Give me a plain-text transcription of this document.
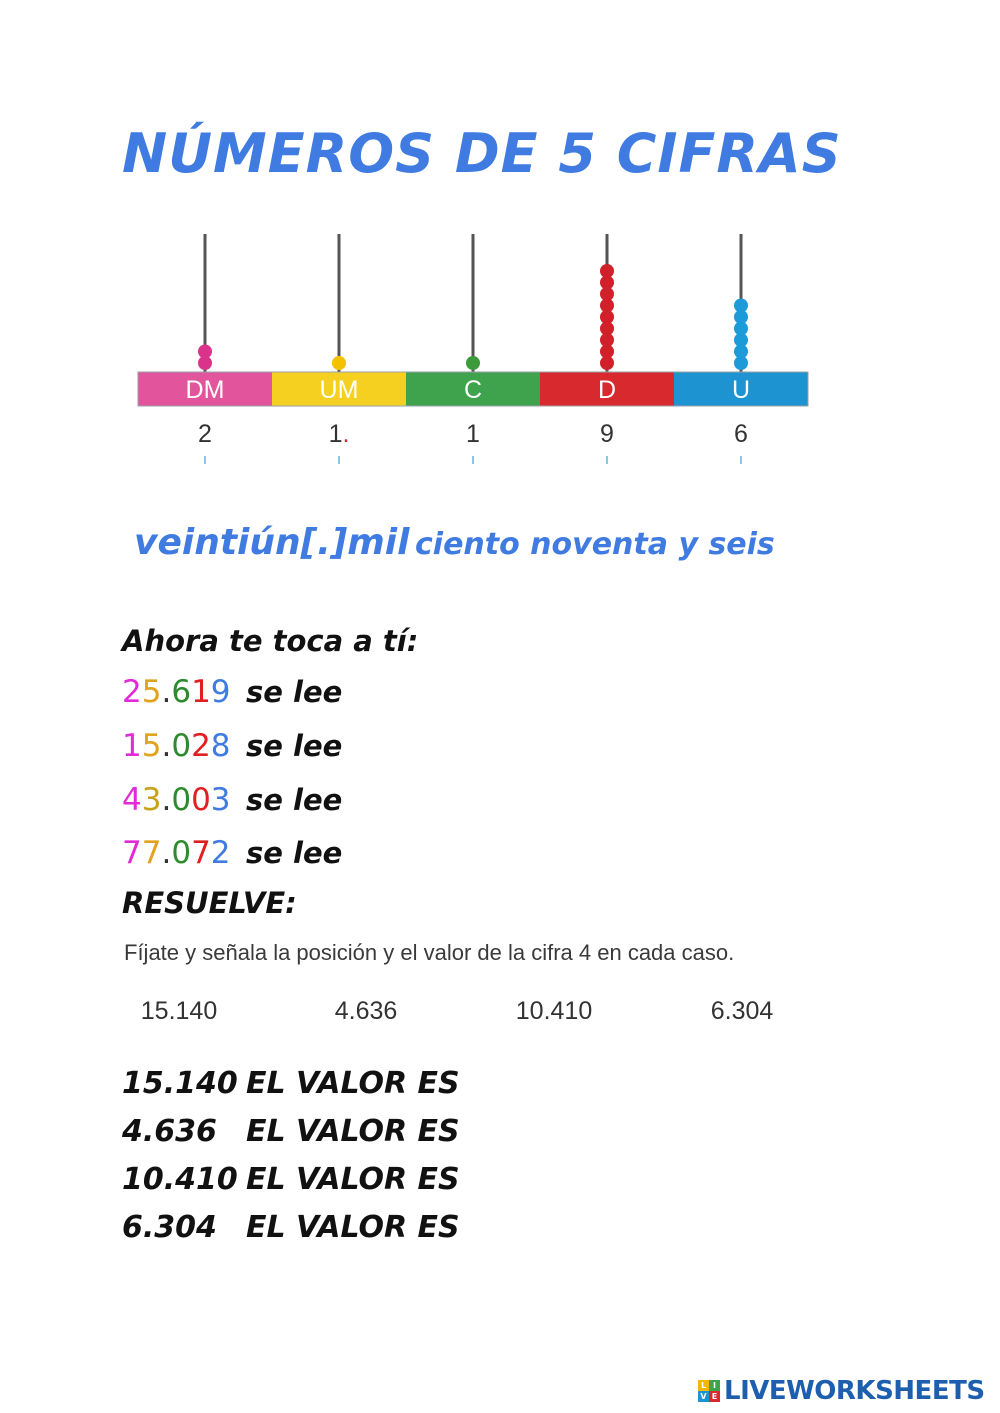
NÚMEROS DE 5 CIFRAS
DM
2
UM
1.
C
1
D
9
U
6
veintiún[.]mil ciento noventa y seis
Ahora te toca a tí:
25.619 se lee
15.028 se lee
43.003 se lee
77.072 se lee
RESUELVE:
Fíjate y señala la posición y el valor de la cifra 4 en cada caso.
15.140	4.636	10.410	6.304
15.140 EL VALOR ES
4.636 EL VALOR ES
10.410 EL VALOR ES
6.304 EL VALOR ES
L I
V E LIVEWORKSHEETS
